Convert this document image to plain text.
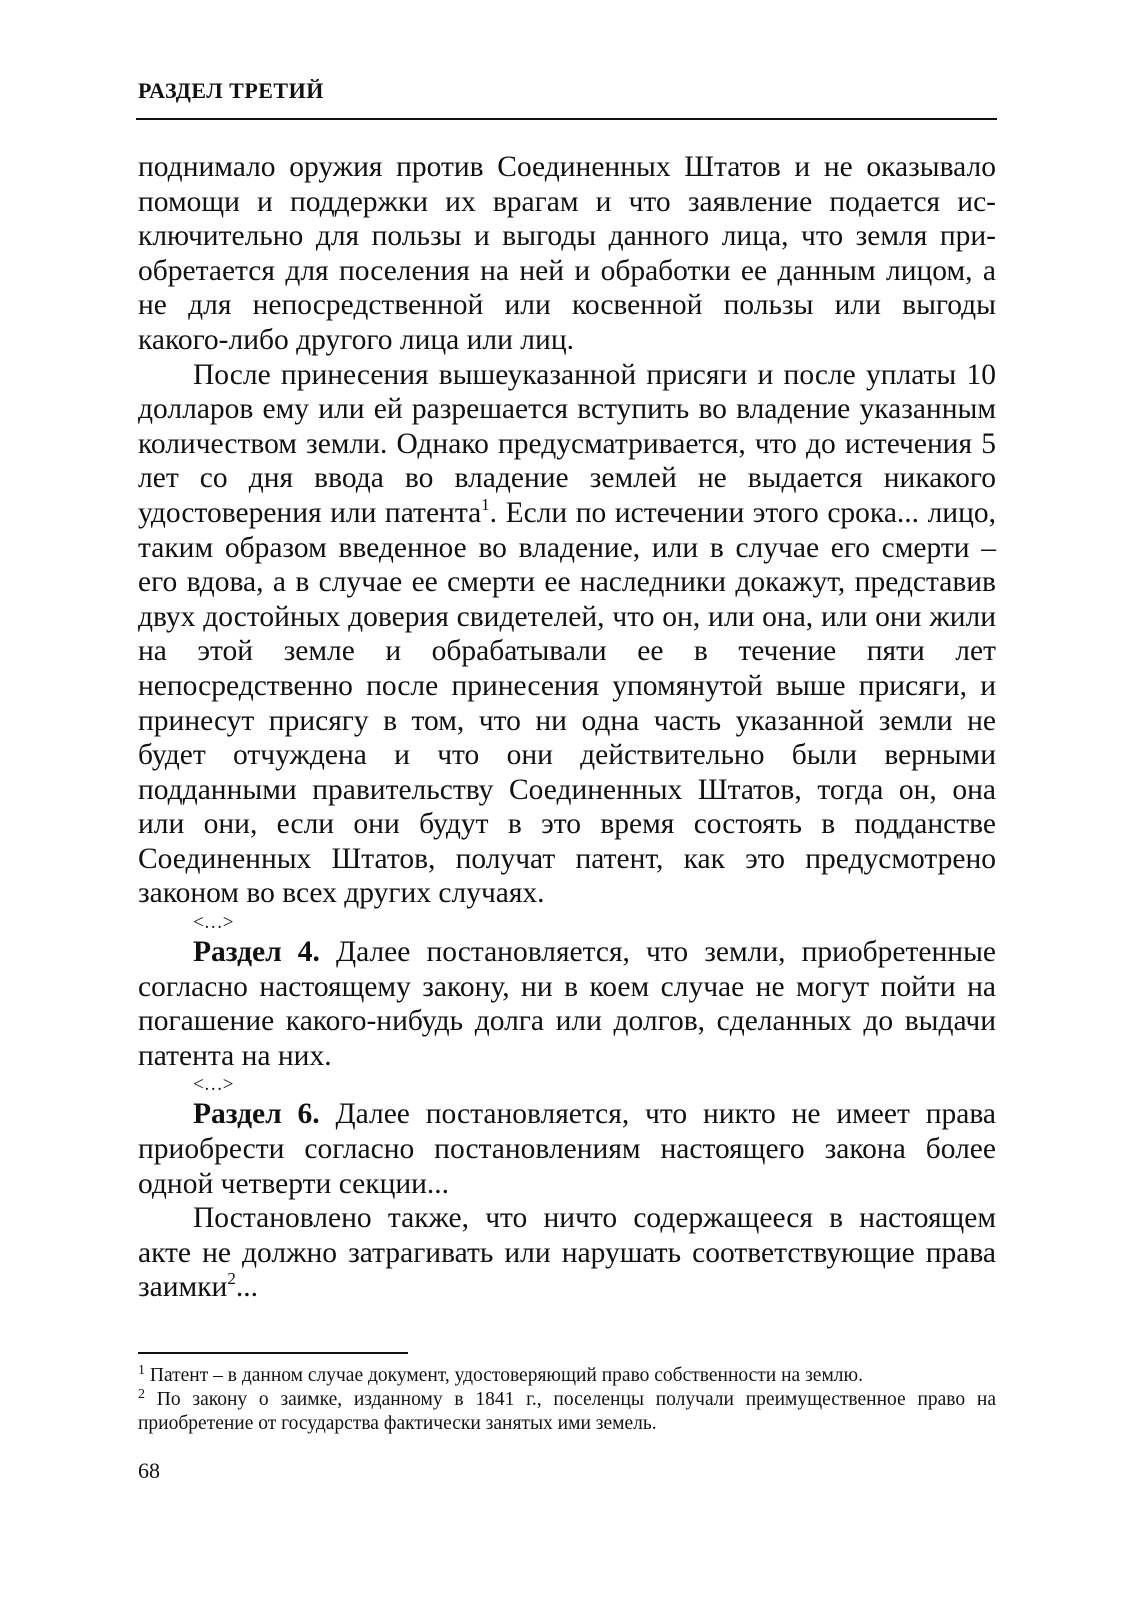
РАЗДЕЛ ТРЕТИЙ

поднимало оружия против Соединенных Штатов и не оказывало помощи и поддержки их врагам и что заявление подается исключительно для пользы и выгоды данного лица, что земля приобретается для поселения на ней и обработки ее данным лицом, а не для непосредственной или косвенной пользы или выгоды какого-либо другого лица или лиц.

После принесения вышеуказанной присяги и после уплаты 10 долларов ему или ей разрешается вступить во владение указанным количеством земли. Однако предусматривается, что до истечения 5 лет со дня ввода во владение землей не выдается никакого удостоверения или патента$^1$. Если по истечении этого срока... лицо, таким образом введенное во владение, или в случае его смерти – его вдова, а в случае ее смерти ее наследники докажут, представив двух достойных доверия свидетелей, что он, или она, или они жили на этой земле и обрабатывали ее в течение пяти лет непосредственно после принесения упомянутой выше присяги, и принесут присягу в том, что ни одна часть указанной земли не будет отчуждена и что они действительно были верными подданными правительству Соединенных Штатов, тогда он, она или они, если они будут в это время состоять в подданстве Соединенных Штатов, получат патент, как это предусмотрено законом во всех других случаях.

<…>

Раздел 4. Далее постановляется, что земли, приобретенные согласно настоящему закону, ни в коем случае не могут пойти на погашение какого-нибудь долга или долгов, сделанных до выдачи патента на них.

<…>

Раздел 6. Далее постановляется, что никто не имеет права приобрести согласно постановлениям настоящего закона более одной четверти секции...

Постановлено также, что ничто содержащееся в настоящем акте не должно затрагивать или нарушать соответствующие права заимки$^2$...

$^1$ Патент – в данном случае документ, удостоверяющий право собственности на землю.

$^2$ По закону о заимке, изданному в 1841 г., поселенцы получали преимущественное право на приобретение от государства фактически занятых ими земель.

68
